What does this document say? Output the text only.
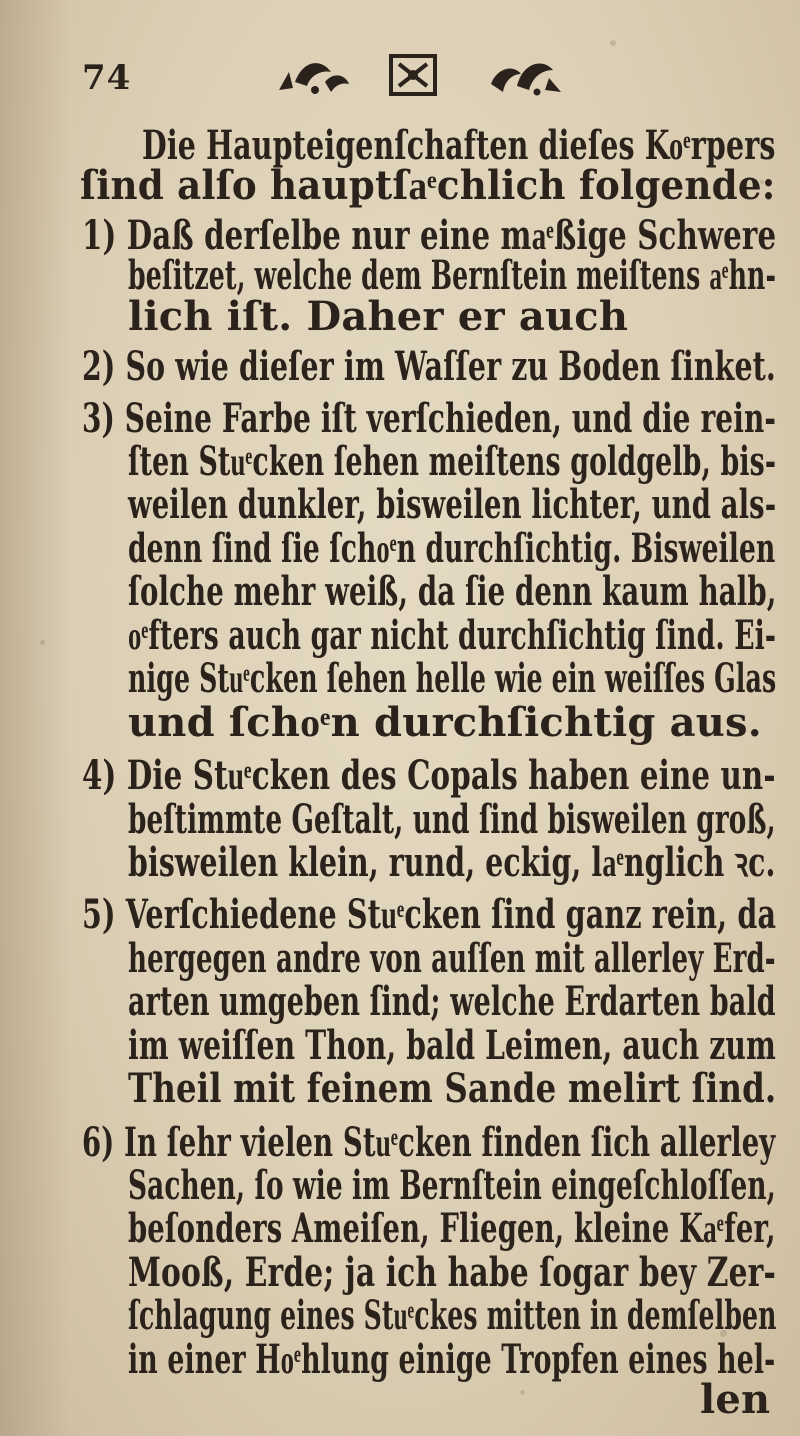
74
Die Haupteigenſchaften dieſes Koͤrpers
ſind alſo hauptſaͤchlich folgende:
1) Daß derſelbe nur eine maͤßige Schwere
beſitzet, welche dem Bernſtein meiſtens aͤhn-
lich iſt. Daher er auch
2) So wie dieſer im Waſſer zu Boden ſinket.
3) Seine Farbe iſt verſchieden, und die rein-
ſten Stuͤcken ſehen meiſtens goldgelb, bis-
weilen dunkler, bisweilen lichter, und als-
denn ſind ſie ſchoͤn durchſichtig. Bisweilen
ſolche mehr weiß, da ſie denn kaum halb,
oͤfters auch gar nicht durchſichtig ſind. Ei-
nige Stuͤcken ſehen helle wie ein weiſſes Glas
und ſchoͤn durchſichtig aus.
4) Die Stuͤcken des Copals haben eine un-
beſtimmte Geſtalt, und ſind bisweilen groß,
bisweilen klein, rund, eckig, laͤnglich ꝛc.
5) Verſchiedene Stuͤcken ſind ganz rein, da
hergegen andre von auſſen mit allerley Erd-
arten umgeben ſind; welche Erdarten bald
im weiſſen Thon, bald Leimen, auch zum
Theil mit feinem Sande melirt ſind.
6) In ſehr vielen Stuͤcken finden ſich allerley
Sachen, ſo wie im Bernſtein eingeſchloſſen,
beſonders Ameiſen, Fliegen, kleine Kaͤfer,
Mooß, Erde; ja ich habe ſogar bey Zer-
ſchlagung eines Stuͤckes mitten in demſelben
in einer Hoͤhlung einige Tropfen eines hel-
len
